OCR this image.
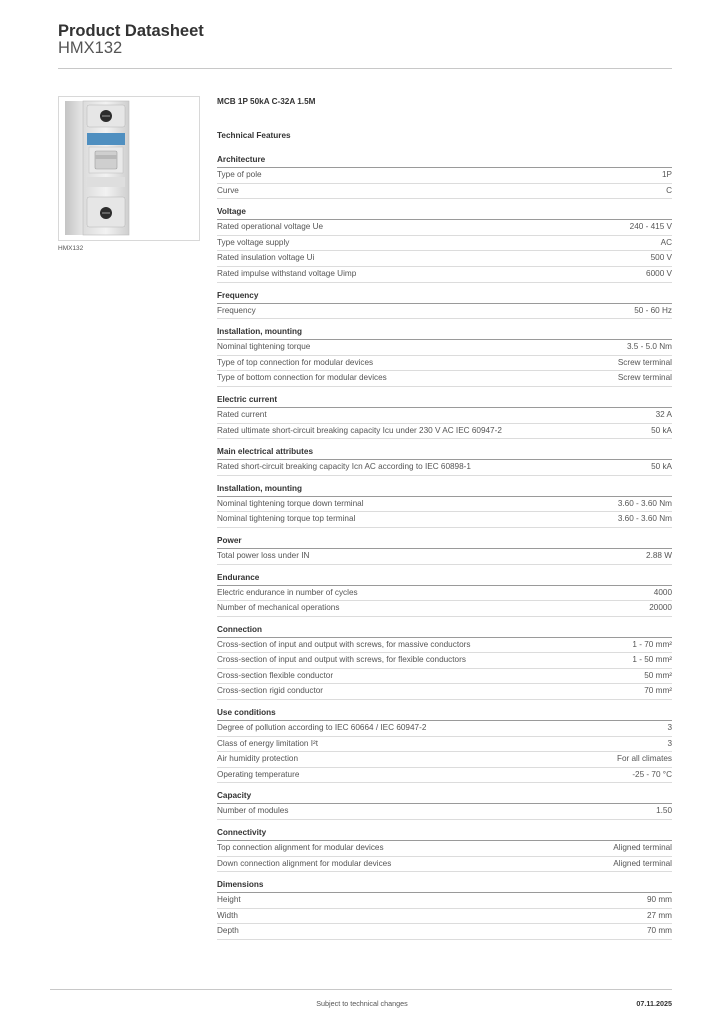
Product Datasheet
HMX132
HMX132
MCB 1P 50kA C-32A 1.5M
Technical Features
Architecture
Type of pole	1P
Curve	C
Voltage
Rated operational voltage Ue	240 - 415 V
Type voltage supply	AC
Rated insulation voltage Ui	500 V
Rated impulse withstand voltage Uimp	6000 V
Frequency
Frequency	50 - 60 Hz
Installation, mounting
Nominal tightening torque	3.5 - 5.0 Nm
Type of top connection for modular devices	Screw terminal
Type of bottom connection for modular devices	Screw terminal
Electric current
Rated current	32 A
Rated ultimate short-circuit breaking capacity Icu under 230 V AC IEC 60947-2	50 kA
Main electrical attributes
Rated short-circuit breaking capacity Icn AC according to IEC 60898-1	50 kA
Installation, mounting
Nominal tightening torque down terminal	3.60 - 3.60 Nm
Nominal tightening torque top terminal	3.60 - 3.60 Nm
Power
Total power loss under IN	2.88 W
Endurance
Electric endurance in number of cycles	4000
Number of mechanical operations	20000
Connection
Cross-section of input and output with screws, for massive conductors	1 - 70 mm²
Cross-section of input and output with screws, for flexible conductors	1 - 50 mm²
Cross-section flexible conductor	50 mm²
Cross-section rigid conductor	70 mm²
Use conditions
Degree of pollution according to IEC 60664 / IEC 60947-2	3
Class of energy limitation I²t	3
Air humidity protection	For all climates
Operating temperature	-25 - 70 °C
Capacity
Number of modules	1.50
Connectivity
Top connection alignment for modular devices	Aligned terminal
Down connection alignment for modular devices	Aligned terminal
Dimensions
Height	90 mm
Width	27 mm
Depth	70 mm
Subject to technical changes	07.11.2025
